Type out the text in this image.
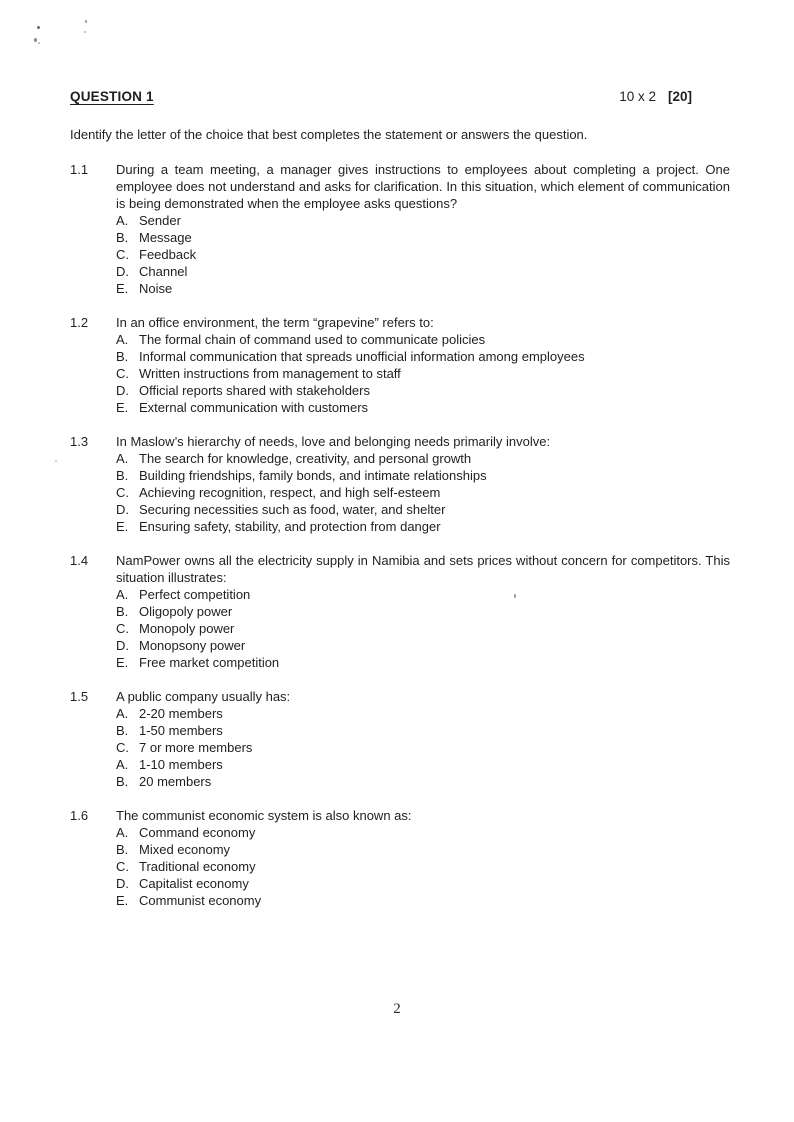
QUESTION 1	10 x 2 [20]

Identify the letter of the choice that best completes the statement or answers the question.

1.1	During a team meeting, a manager gives instructions to employees about completing a project. One employee does not understand and asks for clarification. In this situation, which element of communication is being demonstrated when the employee asks questions?
A. Sender
B. Message
C. Feedback
D. Channel
E. Noise
1.2	In an office environment, the term “grapevine” refers to:
A. The formal chain of command used to communicate policies
B. Informal communication that spreads unofficial information among employees
C. Written instructions from management to staff
D. Official reports shared with stakeholders
E. External communication with customers
1.3	In Maslow’s hierarchy of needs, love and belonging needs primarily involve:
A. The search for knowledge, creativity, and personal growth
B. Building friendships, family bonds, and intimate relationships
C. Achieving recognition, respect, and high self-esteem
D. Securing necessities such as food, water, and shelter
E. Ensuring safety, stability, and protection from danger
1.4	NamPower owns all the electricity supply in Namibia and sets prices without concern for competitors. This situation illustrates:
A. Perfect competition
B. Oligopoly power
C. Monopoly power
D. Monopsony power
E. Free market competition
1.5	A public company usually has:
A. 2-20 members
B. 1-50 members
C. 7 or more members
A. 1-10 members
B. 20 members
1.6	The communist economic system is also known as:
A. Command economy
B. Mixed economy
C. Traditional economy
D. Capitalist economy
E. Communist economy
2
